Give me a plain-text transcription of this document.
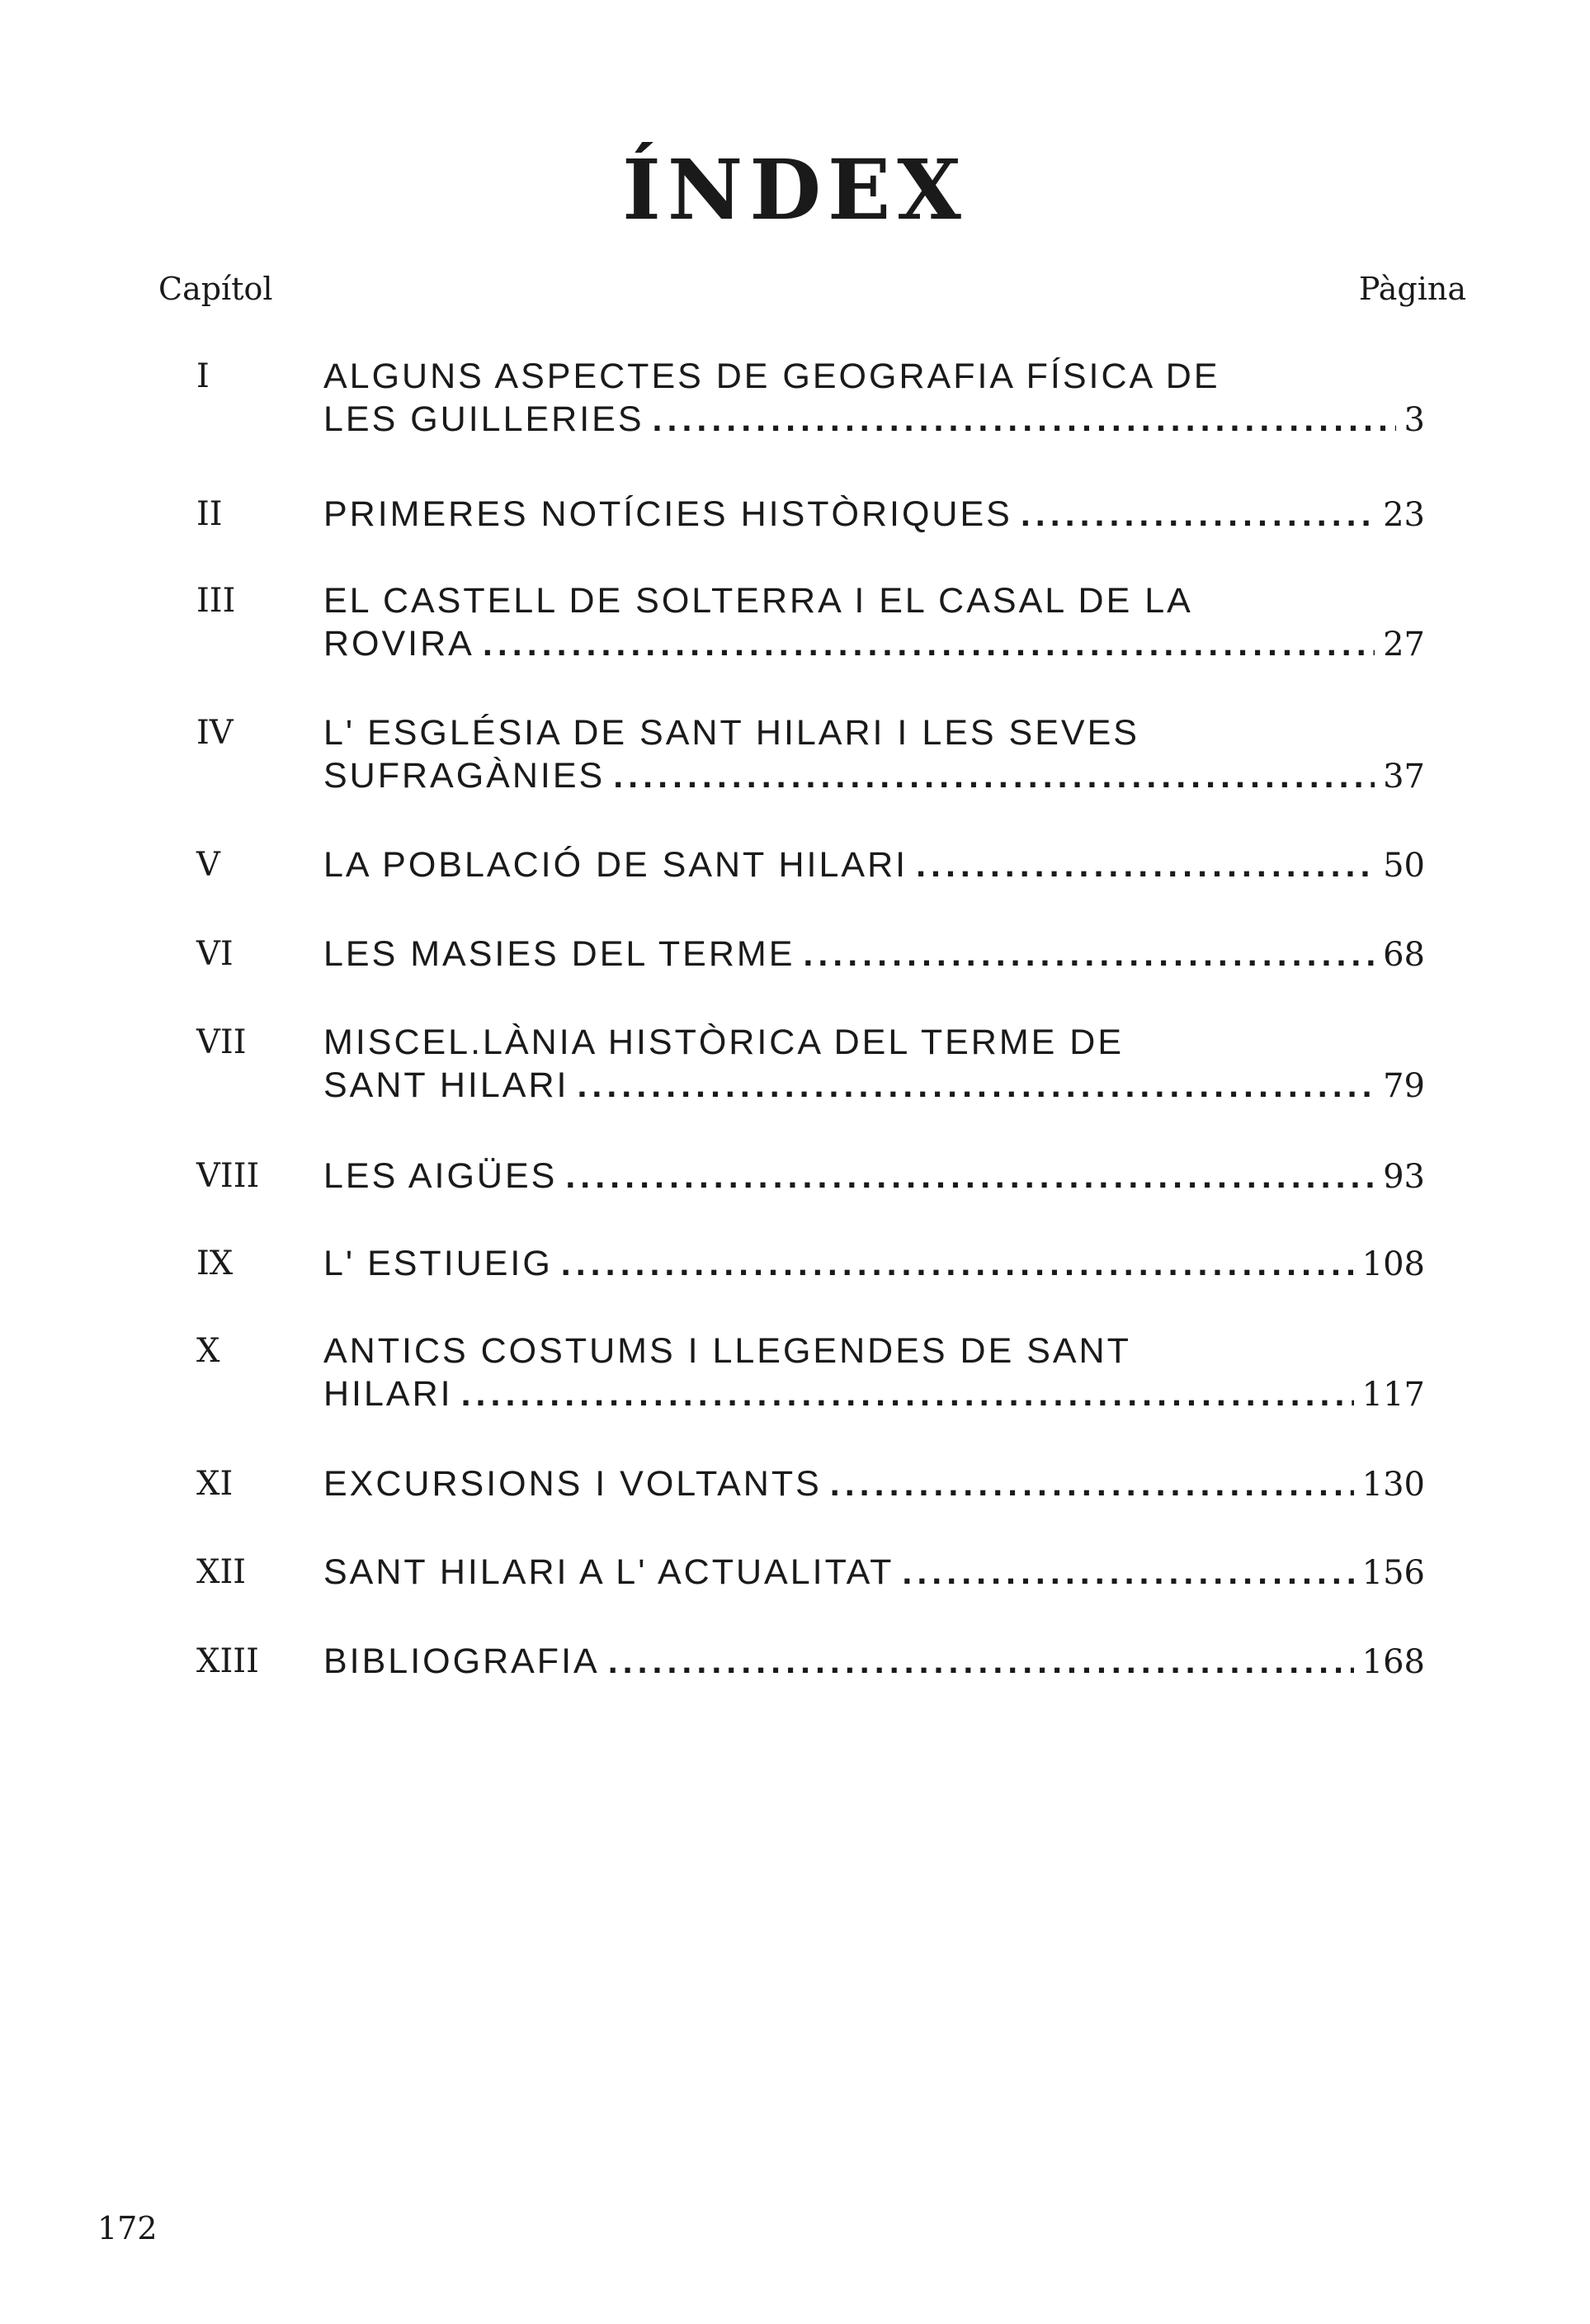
ÍNDEX
Capítol	Pàgina
I	ALGUNS ASPECTES DE GEOGRAFIA FÍSICA DE
LES GUILLERIES .....	3
II	PRIMERES NOTÍCIES HISTÒRIQUES .....	23
III EL CASTELL DE SOLTERRA I EL CASAL DE LA
ROVIRA .....	27
IV	L' ESGLÉSIA DE SANT HILARI I LES SEVES
SUFRAGÀNIES .....	37
V	LA POBLACIÓ DE SANT HILARI .....	50
VI	LES MASIES DEL TERME .....	68
VII MISCEL.LÀNIA HISTÒRICA DEL TERME DE
SANT HILARI .....	79
VIII LES AIGÜES .....	93
IX	L' ESTIUEIG .....	108
X	ANTICS COSTUMS I LLEGENDES DE SANT
HILARI .....	117
XI	EXCURSIONS I VOLTANTS .....	130
XII SANT HILARI A L' ACTUALITAT .....	156
XIII BIBLIOGRAFIA .....	168
172
